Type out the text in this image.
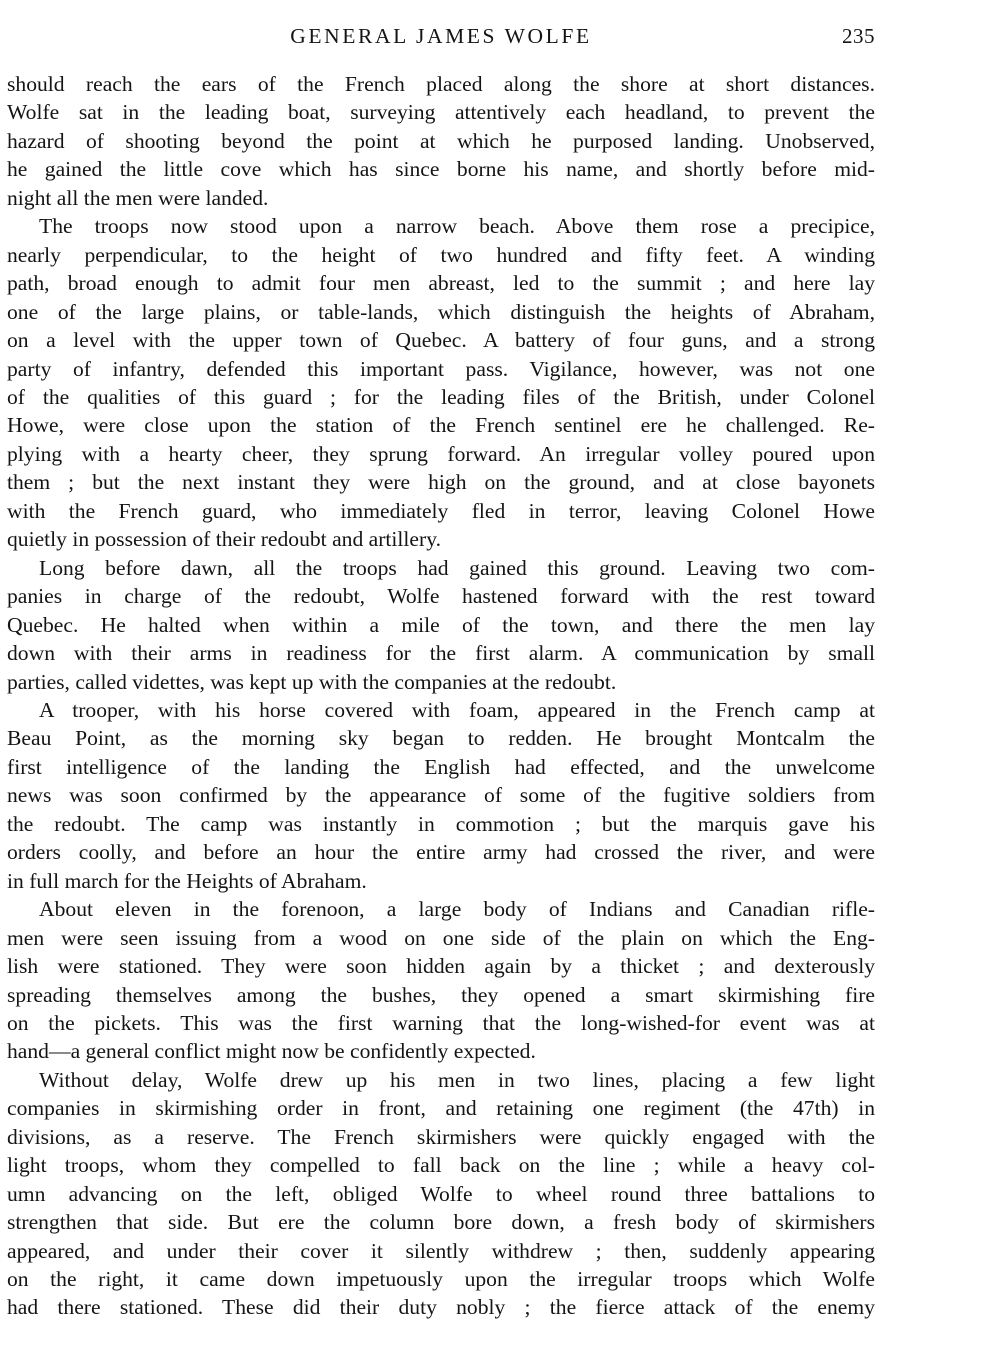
GENERAL JAMES WOLFE	235
should reach the ears of the French placed along the shore at short distances.
Wolfe sat in the leading boat, surveying attentively each headland, to prevent the
hazard of shooting beyond the point at which he purposed landing. Unobserved,
he gained the little cove which has since borne his name, and shortly before mid-
night all the men were landed.
The troops now stood upon a narrow beach. Above them rose a precipice,
nearly perpendicular, to the height of two hundred and fifty feet. A winding
path, broad enough to admit four men abreast, led to the summit ; and here lay
one of the large plains, or table-lands, which distinguish the heights of Abraham,
on a level with the upper town of Quebec. A battery of four guns, and a strong
party of infantry, defended this important pass. Vigilance, however, was not one
of the qualities of this guard ; for the leading files of the British, under Colonel
Howe, were close upon the station of the French sentinel ere he challenged. Re-
plying with a hearty cheer, they sprung forward. An irregular volley poured upon
them ; but the next instant they were high on the ground, and at close bayonets
with the French guard, who immediately fled in terror, leaving Colonel Howe
quietly in possession of their redoubt and artillery.
Long before dawn, all the troops had gained this ground. Leaving two com-
panies in charge of the redoubt, Wolfe hastened forward with the rest toward
Quebec. He halted when within a mile of the town, and there the men lay
down with their arms in readiness for the first alarm. A communication by small
parties, called videttes, was kept up with the companies at the redoubt.
A trooper, with his horse covered with foam, appeared in the French camp at
Beau Point, as the morning sky began to redden. He brought Montcalm the
first intelligence of the landing the English had effected, and the unwelcome
news was soon confirmed by the appearance of some of the fugitive soldiers from
the redoubt. The camp was instantly in commotion ; but the marquis gave his
orders coolly, and before an hour the entire army had crossed the river, and were
in full march for the Heights of Abraham.
About eleven in the forenoon, a large body of Indians and Canadian rifle-
men were seen issuing from a wood on one side of the plain on which the Eng-
lish were stationed. They were soon hidden again by a thicket ; and dexterously
spreading themselves among the bushes, they opened a smart skirmishing fire
on the pickets. This was the first warning that the long-wished-for event was at
hand—a general conflict might now be confidently expected.
Without delay, Wolfe drew up his men in two lines, placing a few light
companies in skirmishing order in front, and retaining one regiment (the 47th) in
divisions, as a reserve. The French skirmishers were quickly engaged with the
light troops, whom they compelled to fall back on the line ; while a heavy col-
umn advancing on the left, obliged Wolfe to wheel round three battalions to
strengthen that side. But ere the column bore down, a fresh body of skirmishers
appeared, and under their cover it silently withdrew ; then, suddenly appearing
on the right, it came down impetuously upon the irregular troops which Wolfe
had there stationed. These did their duty nobly ; the fierce attack of the enemy
